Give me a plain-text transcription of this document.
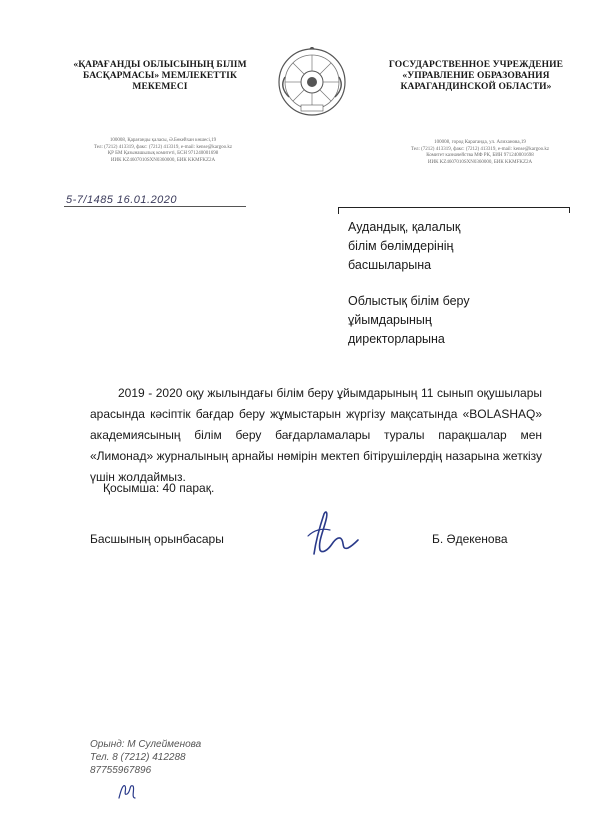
«ҚАРАҒАНДЫ ОБЛЫСЫНЫҢ БІЛІМ БАСҚАРМАСЫ» МЕМЛЕКЕТТІК МЕКЕМЕСІ
ГОСУДАРСТВЕННОЕ УЧРЕЖДЕНИЕ «УПРАВЛЕНИЕ ОБРАЗОВАНИЯ КАРАГАНДИНСКОЙ ОБЛАСТИ»
100008, Қарағанды қаласы, Ә.Бөкейхан көшесі,19
Тел: (7212) 413319, факс: (7212) 413319, e-mail: kense@kargoo.kz
ҚР БМ Қазынашылық комитеті, БСН 971240001698
ИИК KZ4607010SXN0360000, БИК KKMFKZ2A
100008, город Караганда, ул. Алиханова,19
Тел: (7212) 413319, факс: (7212) 413319, e-mail: kense@kargoo.kz
Комитет казначейства МФ РК, БИН 971240001698
ИИК KZ4607010SXN0360000, БИК KKMFKZ2A
5-7/1485 16.01.2020
Аудандық, қалалық
білім бөлімдерінің
басшыларына
Облыстық білім беру
ұйымдарының
директорларына

2019 - 2020 оқу жылындағы білім беру ұйымдарының 11 сынып оқушылары арасында кәсіптік бағдар беру жұмыстарын жүргізу мақсатында «BOLASHAQ» академиясының білім беру бағдарламалары туралы парақшалар мен «Лимонад» журналының арнайы нөмірін мектеп бітірушілердің назарына жеткізу үшін жолдаймыз.

Қосымша: 40 парақ.
Басшының орынбасары	Б. Әдекенова
Орынд: М Сулейменова
Тел. 8 (7212) 412288
87755967896
